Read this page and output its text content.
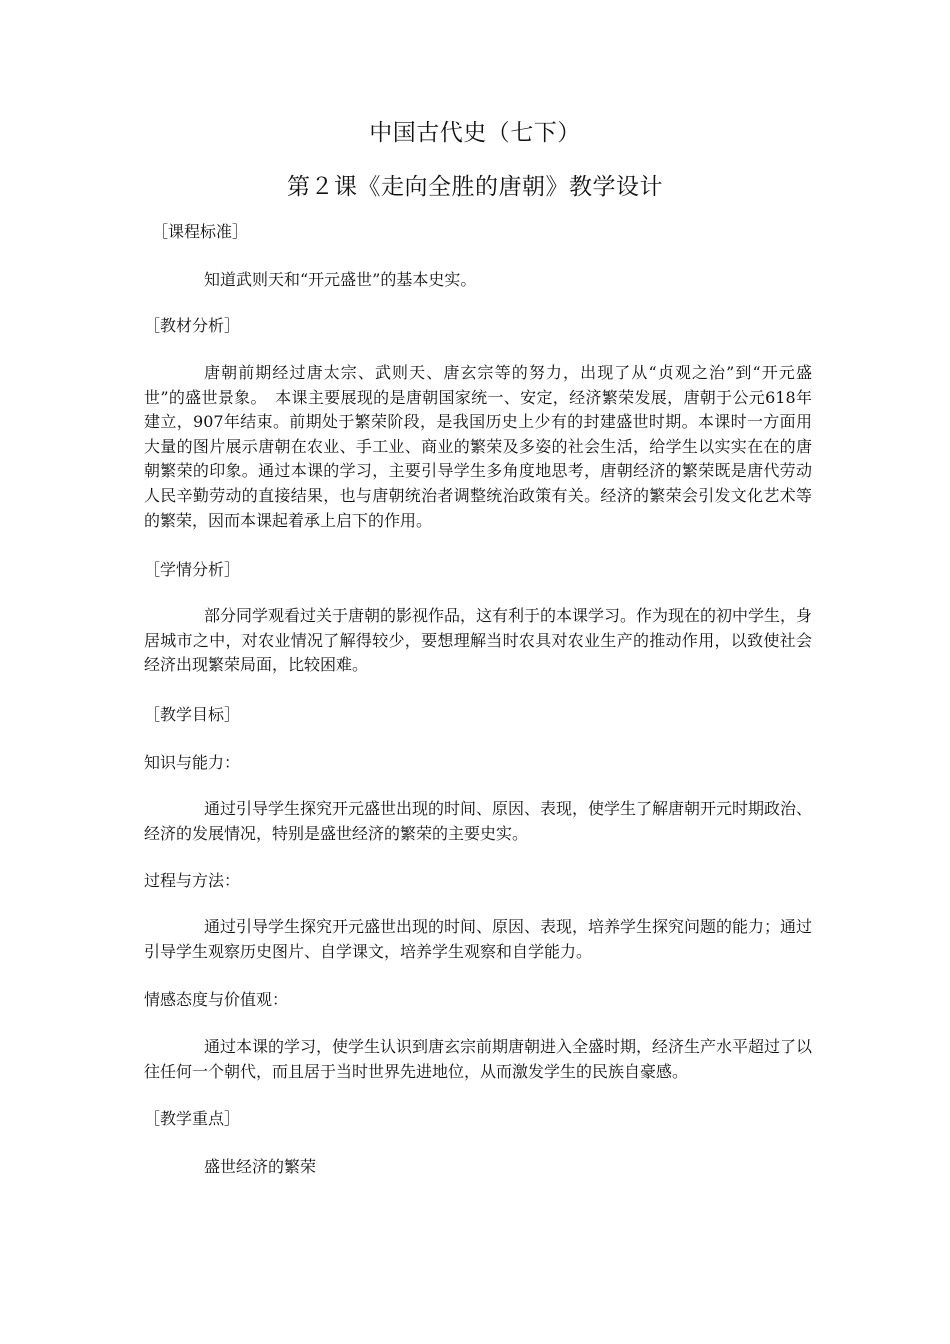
中国古代史（七下）
第２课《走向全胜的唐朝》教学设计
［课程标准］
知道武则天和“开元盛世”的基本史实。
［教材分析］
唐朝前期经过唐太宗、武则天、唐玄宗等的努力，出现了从“贞观之治”到“开元盛世”的盛世景象。　本课主要展现的是唐朝国家统一、安定，经济繁荣发展，唐朝于公元618年建立，907年结束。前期处于繁荣阶段，是我国历史上少有的封建盛世时期。本课时一方面用大量的图片展示唐朝在农业、手工业、商业的繁荣及多姿的社会生活，给学生以实实在在的唐朝繁荣的印象。通过本课的学习，主要引导学生多角度地思考，唐朝经济的繁荣既是唐代劳动人民辛勤劳动的直接结果，也与唐朝统治者调整统治政策有关。经济的繁荣会引发文化艺术等的繁荣，因而本课起着承上启下的作用。
［学情分析］
部分同学观看过关于唐朝的影视作品，这有利于的本课学习。作为现在的初中学生，身居城市之中，对农业情况了解得较少，要想理解当时农具对农业生产的推动作用，以致使社会经济出现繁荣局面，比较困难。
［教学目标］
知识与能力：
通过引导学生探究开元盛世出现的时间、原因、表现，使学生了解唐朝开元时期政治、经济的发展情况，特别是盛世经济的繁荣的主要史实。
过程与方法：
通过引导学生探究开元盛世出现的时间、原因、表现，培养学生探究问题的能力；通过引导学生观察历史图片、自学课文，培养学生观察和自学能力。
情感态度与价值观：
通过本课的学习，使学生认识到唐玄宗前期唐朝进入全盛时期，经济生产水平超过了以往任何一个朝代，而且居于当时世界先进地位，从而激发学生的民族自豪感。
［教学重点］
盛世经济的繁荣
